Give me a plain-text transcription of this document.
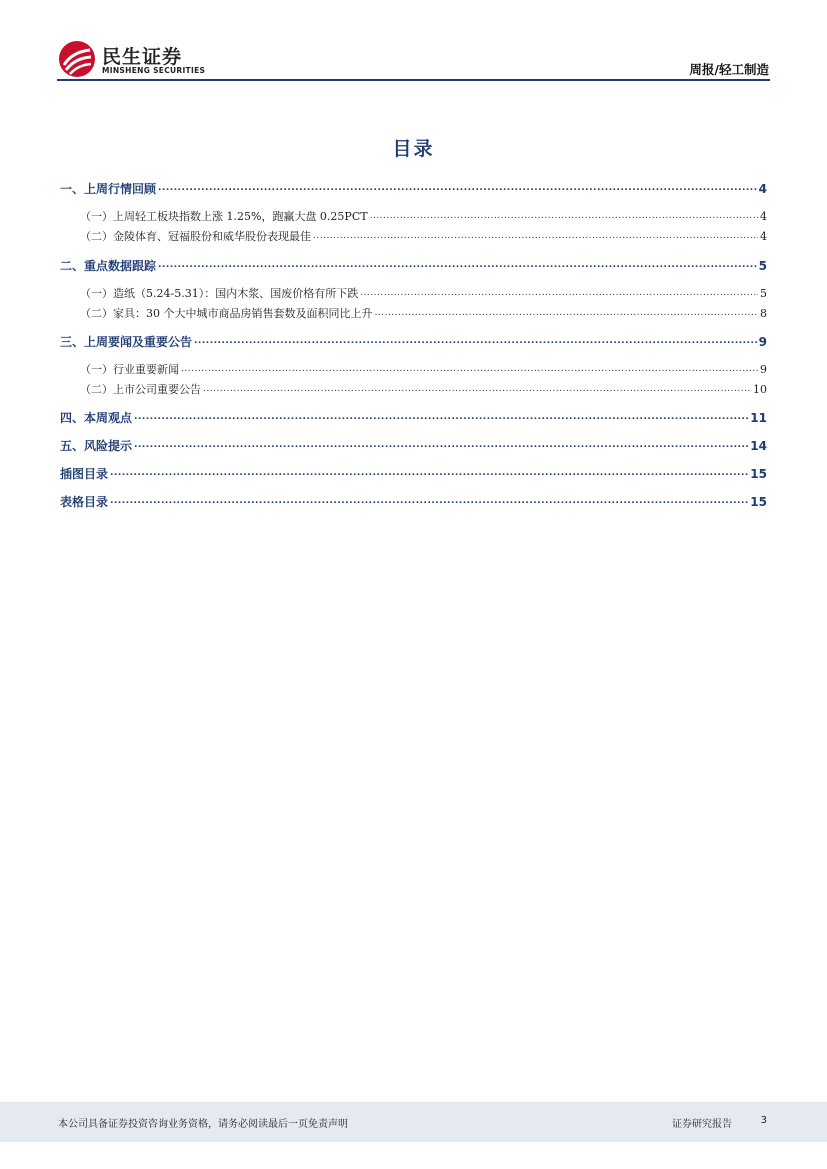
民生证券
MINSHENG SECURITIES	周报/轻工制造
目录
一、上周行情回顾 .....	4
（一）上周轻工板块指数上涨 1.25%，跑赢大盘 0.25PCT .....	4
（二）金陵体育、冠福股份和威华股份表现最佳 .....	4
二、重点数据跟踪 .....	5
（一）造纸（5.24-5.31）：国内木浆、国废价格有所下跌 .....	5
（二）家具：30 个大中城市商品房销售套数及面积同比上升 .....	8
三、上周要闻及重要公告 .....	9
（一）行业重要新闻 .....	9
（二）上市公司重要公告 .....	10
四、本周观点 .....	11
五、风险提示 .....	14
插图目录 .....	15
表格目录 .....	15
本公司具备证券投资咨询业务资格，请务必阅读最后一页免责声明	证券研究报告	3
